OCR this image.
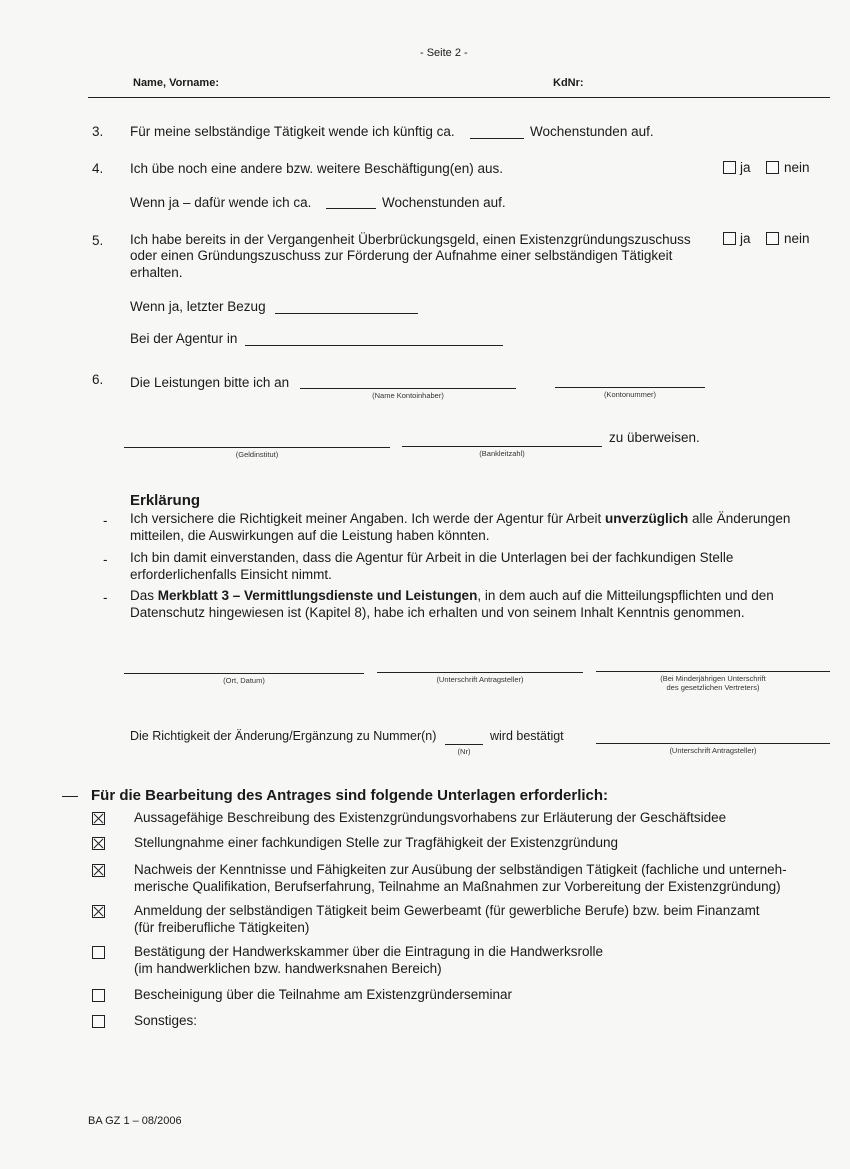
- Seite 2 -
Name, Vorname:	KdNr:
3. Für meine selbständige Tätigkeit wende ich künftig ca.	Wochenstunden auf.
4. Ich übe noch eine andere bzw. weitere Beschäftigung(en) aus.	ja nein
Wenn ja – dafür wende ich ca.	Wochenstunden auf.
5. Ich habe bereits in der Vergangenheit Überbrückungsgeld, einen Existenzgründungszuschuss
oder einen Gründungszuschuss zur Förderung der Aufnahme einer selbständigen Tätigkeit
erhalten.
ja nein
Wenn ja, letzter Bezug
Bei der Agentur in
6. Die Leistungen bitte ich an
(Name Kontoinhaber)	(Kontonummer)
(Geldinstitut)	(Bankleitzahl)
zu überweisen.
Erklärung
- Ich versichere die Richtigkeit meiner Angaben. Ich werde der Agentur für Arbeit unverzüglich alle Änderungen mitteilen, die Auswirkungen auf die Leistung haben könnten.
- Ich bin damit einverstanden, dass die Agentur für Arbeit in die Unterlagen bei der fachkundigen Stelle erforderlichenfalls Einsicht nimmt.
- Das Merkblatt 3 – Vermittlungsdienste und Leistungen, in dem auch auf die Mitteilungspflichten und den Datenschutz hingewiesen ist (Kapitel 8), habe ich erhalten und von seinem Inhalt Kenntnis genommen.
(Ort, Datum)	(Unterschrift Antragsteller)	(Bei Minderjährigen Unterschrift
des gesetzlichen Vertreters)
Die Richtigkeit der Änderung/Ergänzung zu Nummer(n)
(Nr)
wird bestätigt
(Unterschrift Antragsteller)
Für die Bearbeitung des Antrages sind folgende Unterlagen erforderlich:
Aussagefähige Beschreibung des Existenzgründungsvorhabens zur Erläuterung der Geschäftsidee
Stellungnahme einer fachkundigen Stelle zur Tragfähigkeit der Existenzgründung
Nachweis der Kenntnisse und Fähigkeiten zur Ausübung der selbständigen Tätigkeit (fachliche und unterneh-
merische Qualifikation, Berufserfahrung, Teilnahme an Maßnahmen zur Vorbereitung der Existenzgründung)
Anmeldung der selbständigen Tätigkeit beim Gewerbeamt (für gewerbliche Berufe) bzw. beim Finanzamt
(für freiberufliche Tätigkeiten)
Bestätigung der Handwerkskammer über die Eintragung in die Handwerksrolle
(im handwerklichen bzw. handwerksnahen Bereich)
Bescheinigung über die Teilnahme am Existenzgründerseminar
Sonstiges:
BA GZ 1 – 08/2006
